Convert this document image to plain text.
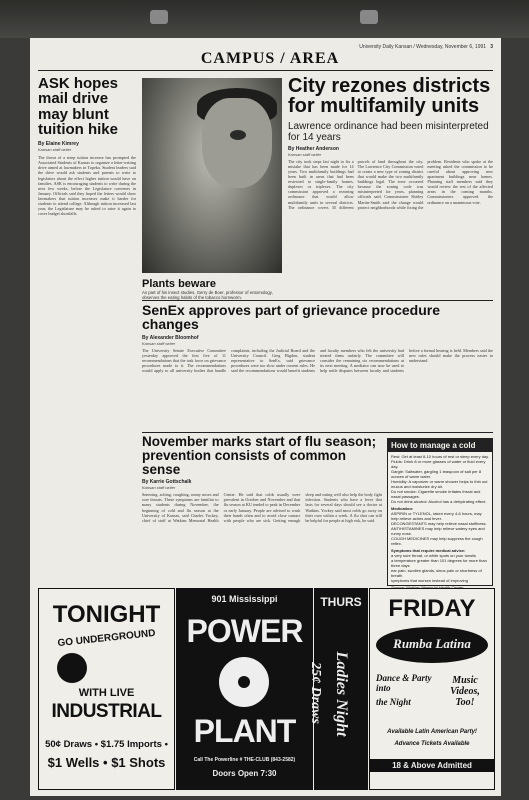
University Daily Kansan / Wednesday, November 6, 1991 3
CAMPUS / AREA
ASK hopes mail drive may blunt tuition hike
By Elaine Kimrey
Kansan staff writer
The threat of a steep tuition increase has prompted the Associated Students of Kansas to organize a letter-writing drive aimed at lawmakers in Topeka. Student leaders said the drive would ask students and parents to write to legislators about the effect higher tuition would have on families. ASK is encouraging students to write during the next few weeks, before the Legislature convenes in January. Officials said they hoped the letters would show lawmakers that tuition increases make it harder for students to attend college. Although tuition increased last year, the Legislature may be asked to raise it again to cover budget shortfalls.
Plants beware
As part of his insect studies, Gerry de Boer, professor of entomology, observes the eating habits of the tobacco hornworm.
City rezones districts for multifamily units
Lawrence ordinance had been misinterpreted for 14 years
By Heather Anderson
Kansan staff writer
The city took steps last night to fix a mistake that has been made for 14 years. Two multifamily buildings had been built in areas that had been restricted to single-family homes, duplexes or triplexes. The city commission approved a rezoning ordinance that would allow multifamily units in several districts. The ordinance covers 35 different parcels of land throughout the city. The Lawrence City Commission voted to create a new type of zoning district that would make the two multifamily buildings legal. The error occurred because the zoning code was misinterpreted for years, planning officials said. Commissioner Shirley Martin-Smith said the change would protect neighborhoods while fixing the problem. Residents who spoke at the meeting asked the commission to be careful about approving new apartment buildings near homes. Planning staff members said they would review the rest of the affected areas in the coming months. Commissioners approved the ordinance on a unanimous vote.
SenEx approves part of grievance procedure changes
By Alexander Bloomhof
Kansan staff writer
The University Senate Executive Committee yesterday approved the first five of 11 recommendations that the task force on grievance procedures made to it. The recommendations would apply to all university bodies that handle complaints, including the Judicial Board and the University Council. Greg Higdon, student representative to SenEx, said grievance procedures were too slow under current rules. He said the recommendations would benefit students and faculty members who felt the university had treated them unfairly. The committee will consider the remaining six recommendations at its next meeting. A mediator can now be used to help settle disputes between faculty and students before a formal hearing is held. Members said the new rules should make the process easier to understand.
November marks start of flu season; prevention consists of common sense
By Karrie Gottschalk
Kansan staff writer
Sneezing, aching, coughing, runny noses and sore throats. These symptoms are familiar to many students during November, the beginning of cold and flu season at the University of Kansas, said Charles Yockey, chief of staff at Watkins Memorial Health Center. He said that colds usually were prevalent in October and November and that flu season at KU tended to peak in December or early January. People are advised to wash their hands often and to avoid close contact with people who are sick. Getting enough sleep and eating well also help the body fight infection. Students who have a fever that lasts for several days should see a doctor at Watkins. Yockey said most colds go away on their own within a week. A flu shot can still be helpful for people at high risk, he said.
How to manage a cold
Rest: Get at least 8-10 hours of rest or sleep every day.
Fluids: Drink 8 or more glasses of water or fluid every day.
Gargle: Saltwater, gargling 1 teaspoon of salt per 8 ounces of warm water.
Humidity: A vaporizer or warm shower helps to thin out mucus and moisturize dry air.
Do not smoke: Cigarette smoke irritates throat and nasal passages.
Do not drink alcohol: Alcohol has a dehydrating effect.
Medication:
ASPIRIN or TYLENOL, taken every 4-6 hours, may help relieve aches and fever.
DECONGESTANTS may help relieve nasal stuffiness.
ANTIHISTAMINES may help relieve watery eyes and runny nose.
COUGH MEDICINES may help suppress the cough reflex.
Symptoms that require medical advice:
a very sore throat, or white spots on your tonsils
a temperature greater than 101 degrees for more than three days
ear pain, swollen glands, sinus pain or shortness of breath
symptoms that worsen instead of improving
TONIGHT
GO UNDERGROUND
WITH LIVE
INDUSTRIAL
50¢ Draws • $1.75 Imports •
$1 Wells • $1 Shots
901 Mississippi
POWER
PLANT
Call The Powerline # THE-CLUB (843-2582)
Doors Open 7:30
THURS
Ladies Night
25¢ Draws
FRIDAY
Rumba Latina
Dance & Party into
the Night
Music Videos, Too!
Available Latin American Party!
Advance Tickets Available
18 & Above Admitted
